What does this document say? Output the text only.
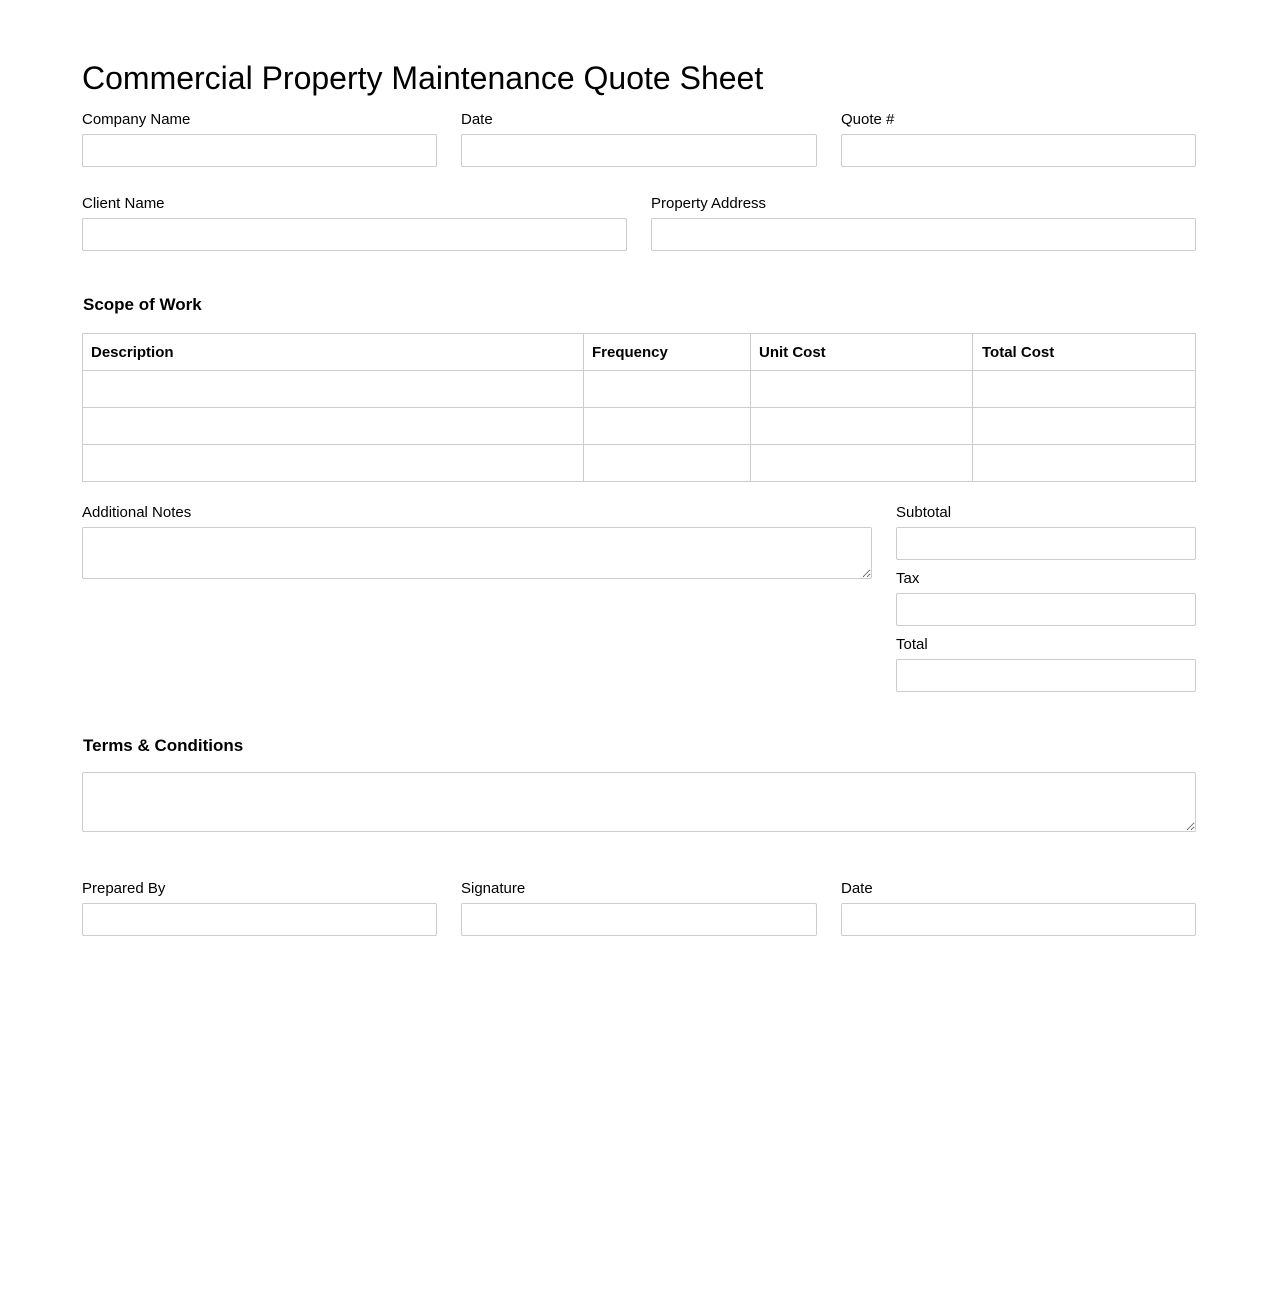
Commercial Property Maintenance Quote Sheet
Company Name	Date	Quote #
Client Name	Property Address
Scope of Work
Description	Frequency	Unit Cost	Total Cost

Additional Notes	Subtotal
Tax
Total
Terms & Conditions
Prepared By	Signature	Date
